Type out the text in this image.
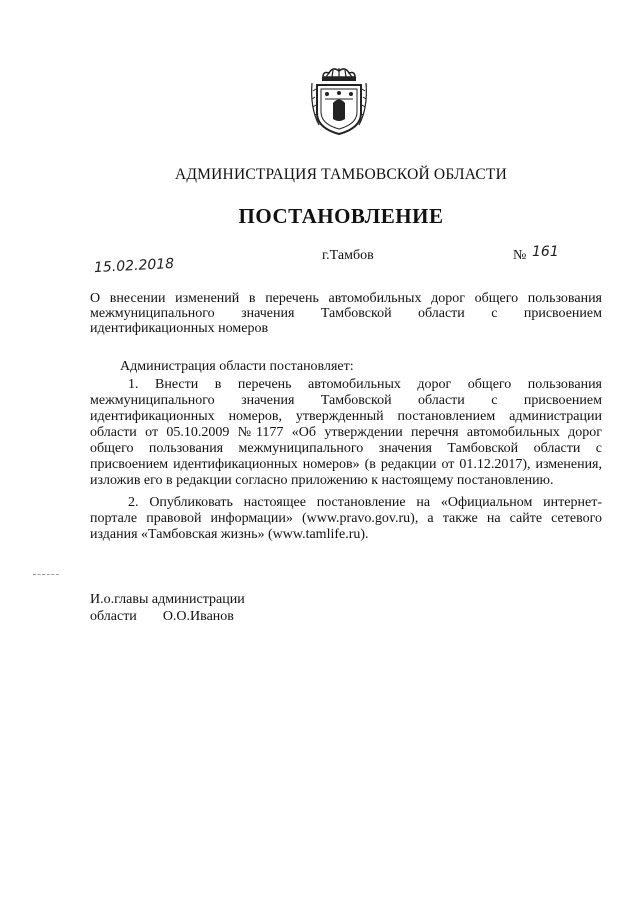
АДМИНИСТРАЦИЯ ТАМБОВСКОЙ ОБЛАСТИ
ПОСТАНОВЛЕНИЕ
15.02.2018
г.Тамбов	№ 161
О внесении изменений в перечень автомобильных дорог общего пользования межмуниципального значения Тамбовской области с присвоением идентификационных номеров

Администрация области постановляет:

1. Внести в перечень автомобильных дорог общего пользования межмуниципального значения Тамбовской области с присвоением идентификационных номеров, утвержденный постановлением администрации области от 05.10.2009 №1177 «Об утверждении перечня автомобильных дорог общего пользования межмуниципального значения Тамбовской области с присвоением идентификационных номеров» (в редакции от 01.12.2017), изменения, изложив его в редакции согласно приложению к настоящему постановлению.

2. Опубликовать настоящее постановление на «Официальном интернет-портале правовой информации» (www.pravo.gov.ru), а также на сайте сетевого издания «Тамбовская жизнь» (www.tamlife.ru).

И.о.главы администрации
области О.О.Иванов
